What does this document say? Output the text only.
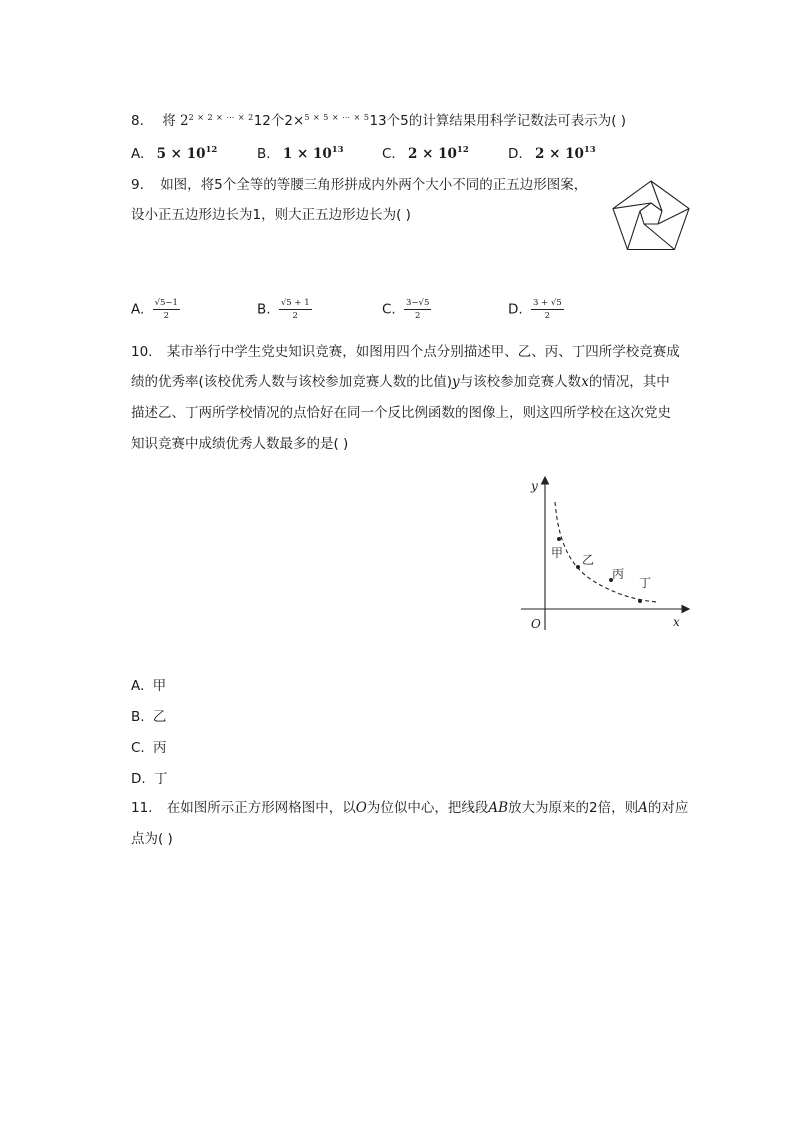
8. 将 $2^{2 \times 2 \times \cdots \times 2}12$个2×$^{5 \times 5 \times \cdots \times 5}$13个5的计算结果用科学记数法可表示为( )
A. $5 \times 10^{12}$	B. $1 \times 10^{13}$	C. $2 \times 10^{12}$	D. $2 \times 10^{13}$
9. 如图，将5个全等的等腰三角形拼成内外两个大小不同的正五边形图案，
设小正五边形边长为1，则大正五边形边长为( )
A. $\frac{√5-1}{2}$	B. $\frac{√5 + 1}{2}$	C. $\frac{3-√5}{2}$	D. $\frac{3 + √5}{2}$
10. 某市举行中学生党史知识竞赛，如图用四个点分别描述甲、乙、丙、丁四所学校竞赛成
绩的优秀率(该校优秀人数与该校参加竞赛人数的比值)y与该校参加竞赛人数x的情况，其中
描述乙、丁两所学校情况的点恰好在同一个反比例函数的图像上，则这四所学校在这次党史
知识竞赛中成绩优秀人数最多的是( )
y
x
O
甲 乙
丙
丁
A. 甲
B. 乙
C. 丙
D. 丁
11. 在如图所示正方形网格图中，以O为位似中心，把线段AB放大为原来的2倍，则A的对应
点为( )
